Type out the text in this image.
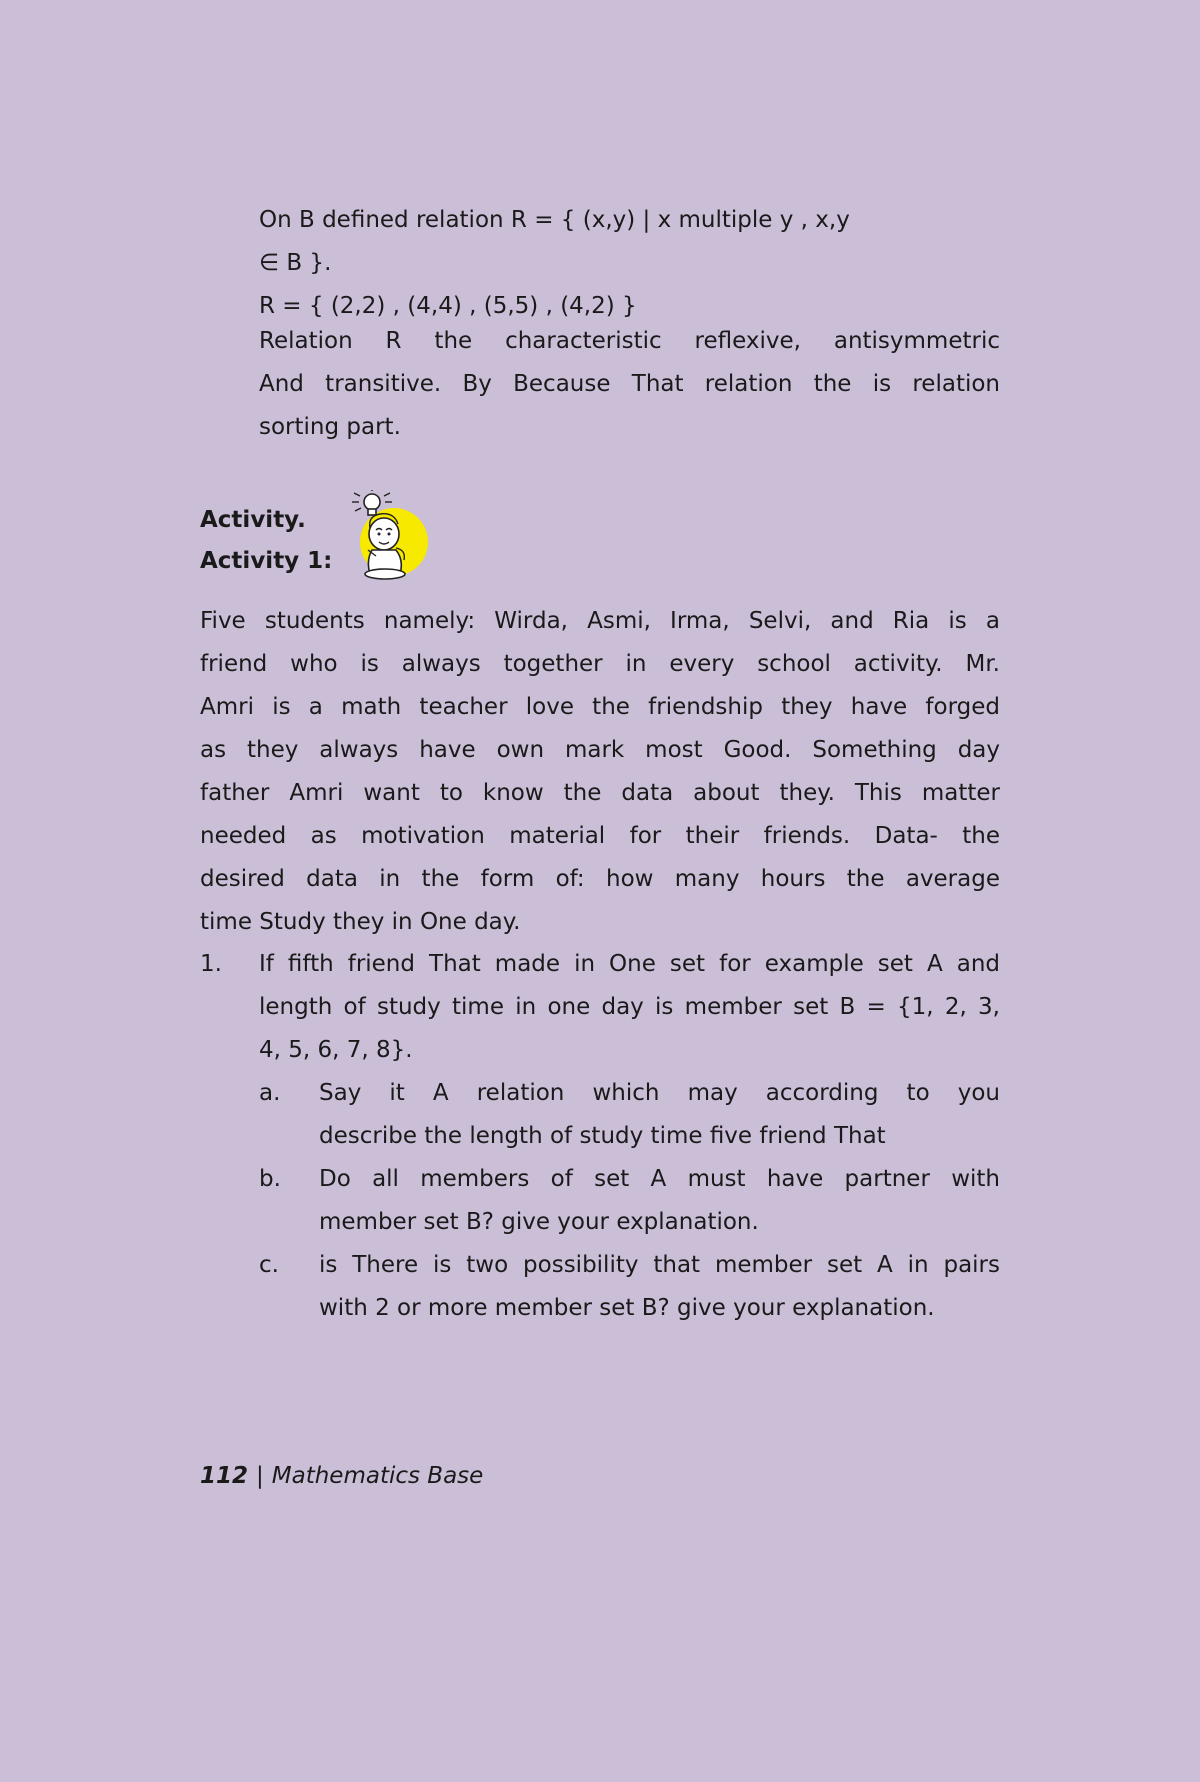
On B defined relation R = { (x,y) | x multiple y , x,y
∈ B }.
R = { (2,2) , (4,4) , (5,5) , (4,2) }
Relation R the characteristic reflexive, antisymmetric
And transitive. By Because That relation the is relation
sorting part.
Activity.
Activity 1:
Five students namely: Wirda, Asmi, Irma, Selvi, and Ria is a
friend who is always together in every school activity. Mr.
Amri is a math teacher love the friendship they have forged
as they always have own mark most Good. Something day
father Amri want to know the data about they. This matter
needed as motivation material for their friends. Data- the
desired data in the form of: how many hours the average
time Study they in One day.
1. If fifth friend That made in One set for example set A and
length of study time in one day is member set B = {1, 2, 3,
4, 5, 6, 7, 8}.
a. Say it A relation which may according to you
describe the length of study time five friend That
b. Do all members of set A must have partner with
member set B? give your explanation.
c. is There is two possibility that member set A in pairs
with 2 or more member set B? give your explanation.
112 | Mathematics Base
